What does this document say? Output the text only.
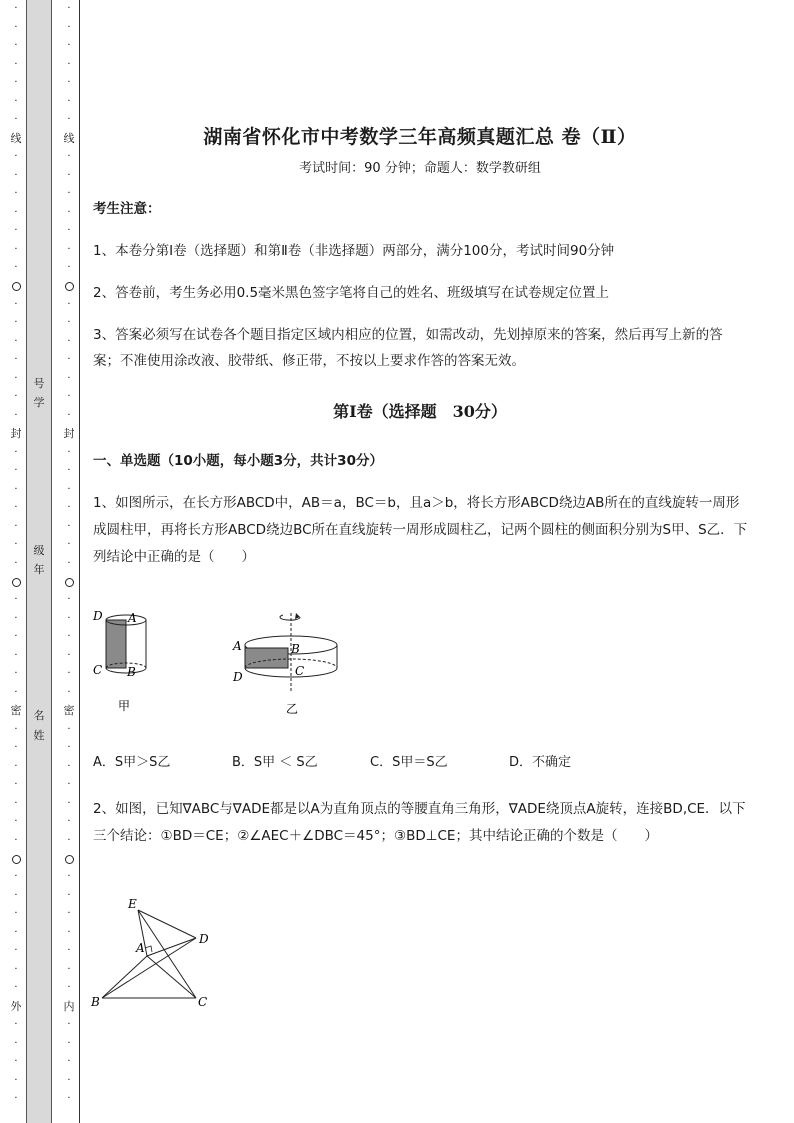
·
·
·
·
·
·
·
线
·
·
·
·
·
·
·
·
·
·
·
·
·
·
封
·
·
·
·
·
·
·
·
·
·
·
·
·
密
·
·
·
·
·
·
·
·
·
·
·
·
·
·
外
·
·
·
·
·
·
·
·
·
·
·
·
线
·
·
·
·
·
·
·
·
·
·
·
·
·
·
封
·
·
·
·
·
·
·
·
·
·
·
·
·
密
·
·
·
·
·
·
·
·
·
·
·
·
·
·
内
·
·
·
·
·
号
学
级
年
名
姓
湖南省怀化市中考数学三年高频真题汇总 卷（Ⅱ）
考试时间：90 分钟；命题人：数学教研组
考生注意：
1、本卷分第Ⅰ卷（选择题）和第Ⅱ卷（非选择题）两部分，满分100分，考试时间90分钟
2、答卷前，考生务必用0.5毫米黑色签字笔将自己的姓名、班级填写在试卷规定位置上
3、答案必须写在试卷各个题目指定区域内相应的位置，如需改动，先划掉原来的答案，然后再写上新的答案；不准使用涂改液、胶带纸、修正带，不按以上要求作答的答案无效。
第Ⅰ卷（选择题　30分）
一、单选题（10小题，每小题3分，共计30分）
1、如图所示，在长方形ABCD中，AB＝a，BC＝b，且a＞b，将长方形ABCD绕边AB所在的直线旋转一周形成圆柱甲，再将长方形ABCD绕边BC所在直线旋转一周形成圆柱乙，记两个圆柱的侧面积分别为S甲、S乙．下列结论中正确的是（　　）
D A
C B
甲
A	B
D	C
乙
A．S甲＞S乙	B．S甲 ＜ S乙	C．S甲＝S乙	D．不确定
2、如图，已知∇ABC与∇ADE都是以A为直角顶点的等腰直角三角形，∇ADE绕顶点A旋转，连接BD,CE．以下三个结论：①BD＝CE；②∠AEC＋∠DBC＝45°；③BD⊥CE；其中结论正确的个数是（　　）
E
A
D
B	C
